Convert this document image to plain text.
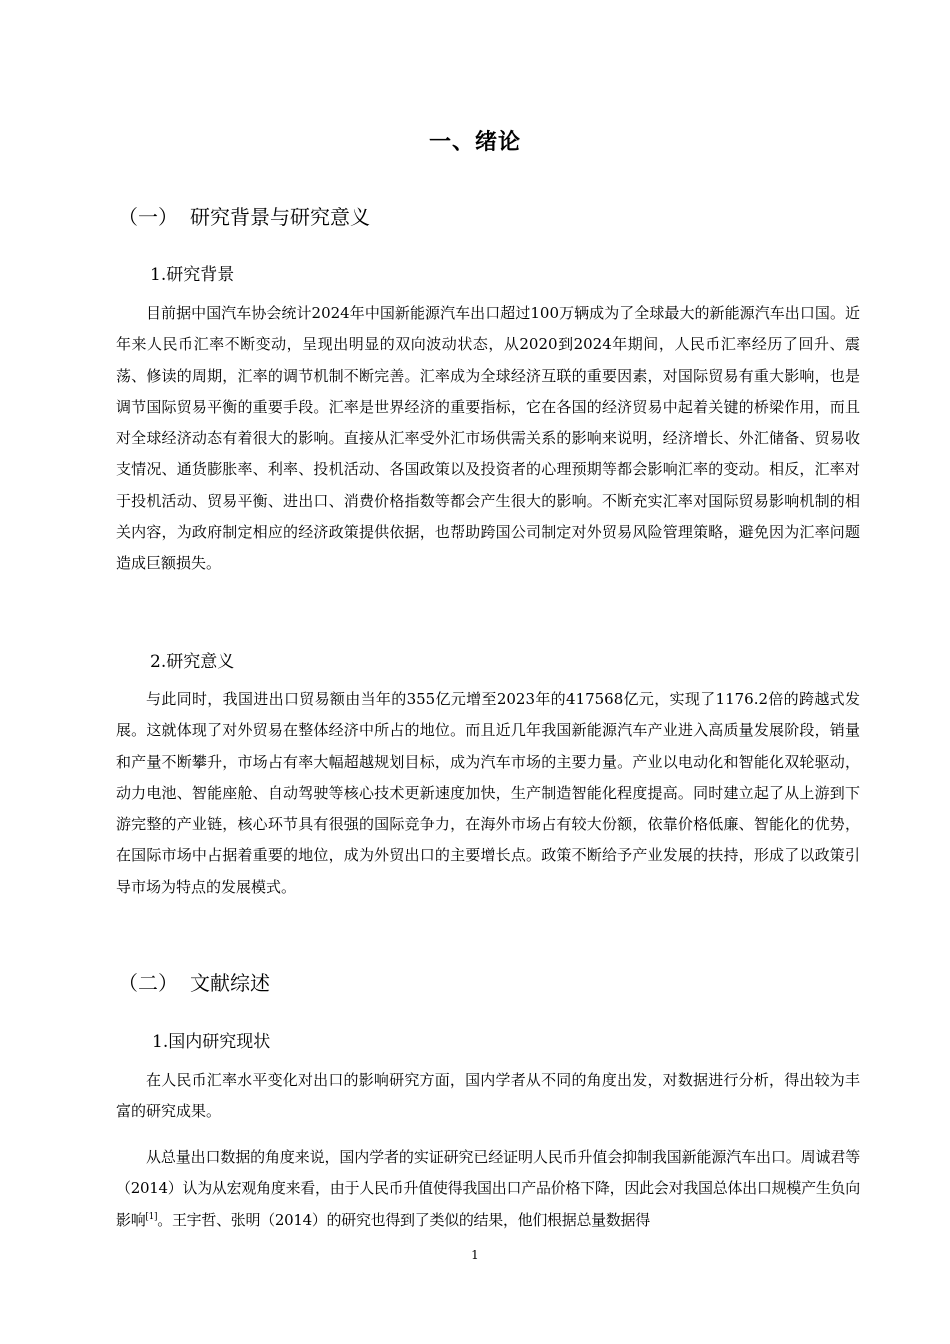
一、绪论
（一） 研究背景与研究意义
1.研究背景

目前据中国汽车协会统计2024年中国新能源汽车出口超过100万辆成为了全球最大的新能源汽车出口国。近年来人民币汇率不断变动，呈现出明显的双向波动状态，从2020到2024年期间，人民币汇率经历了回升、震荡、修读的周期，汇率的调节机制不断完善。汇率成为全球经济互联的重要因素，对国际贸易有重大影响，也是调节国际贸易平衡的重要手段。汇率是世界经济的重要指标，它在各国的经济贸易中起着关键的桥梁作用，而且对全球经济动态有着很大的影响。直接从汇率受外汇市场供需关系的影响来说明，经济增长、外汇储备、贸易收支情况、通货膨胀率、利率、投机活动、各国政策以及投资者的心理预期等都会影响汇率的变动。相反，汇率对于投机活动、贸易平衡、进出口、消费价格指数等都会产生很大的影响。不断充实汇率对国际贸易影响机制的相关内容，为政府制定相应的经济政策提供依据，也帮助跨国公司制定对外贸易风险管理策略，避免因为汇率问题造成巨额损失。

2.研究意义

与此同时，我国进出口贸易额由当年的355亿元增至2023年的417568亿元，实现了1176.2倍的跨越式发展。这就体现了对外贸易在整体经济中所占的地位。而且近几年我国新能源汽车产业进入高质量发展阶段，销量和产量不断攀升，市场占有率大幅超越规划目标，成为汽车市场的主要力量。产业以电动化和智能化双轮驱动，动力电池、智能座舱、自动驾驶等核心技术更新速度加快，生产制造智能化程度提高。同时建立起了从上游到下游完整的产业链，核心环节具有很强的国际竞争力，在海外市场占有较大份额，依靠价格低廉、智能化的优势，在国际市场中占据着重要的地位，成为外贸出口的主要增长点。政策不断给予产业发展的扶持，形成了以政策引导市场为特点的发展模式。

（二） 文献综述
1.国内研究现状

在人民币汇率水平变化对出口的影响研究方面，国内学者从不同的角度出发，对数据进行分析，得出较为丰富的研究成果。

从总量出口数据的角度来说，国内学者的实证研究已经证明人民币升值会抑制我国新能源汽车出口。周诚君等（2014）认为从宏观角度来看，由于人民币升值使得我国出口产品价格下降，因此会对我国总体出口规模产生负向影响[1]。王宇哲、张明（2014）的研究也得到了类似的结果，他们根据总量数据得

1
